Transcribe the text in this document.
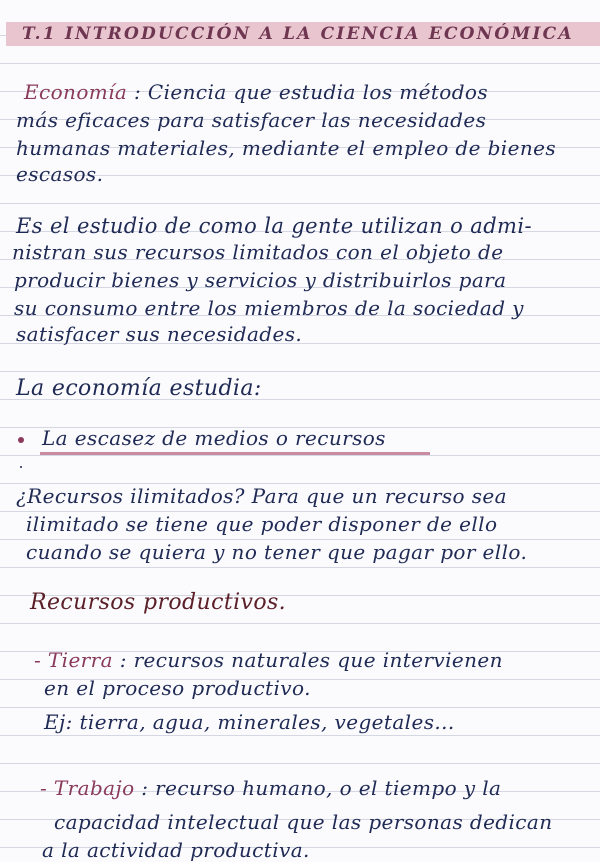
T.1 INTRODUCCIÓN A LA CIENCIA ECONÓMICA
Economía : Ciencia que estudia los métodos
más eficaces para satisfacer las necesidades
humanas materiales, mediante el empleo de bienes
escasos.
Es el estudio de como la gente utilizan o admi-
nistran sus recursos limitados con el objeto de
producir bienes y servicios y distribuirlos para
su consumo entre los miembros de la sociedad y
satisfacer sus necesidades.
La economía estudia:
La escasez de medios o recursos
¿Recursos ilimitados? Para que un recurso sea
ilimitado se tiene que poder disponer de ello
cuando se quiera y no tener que pagar por ello.
Recursos productivos.
- Tierra : recursos naturales que intervienen
en el proceso productivo.
Ej: tierra, agua, minerales, vegetales...
- Trabajo : recurso humano, o el tiempo y la
capacidad intelectual que las personas dedican
a la actividad productiva.
